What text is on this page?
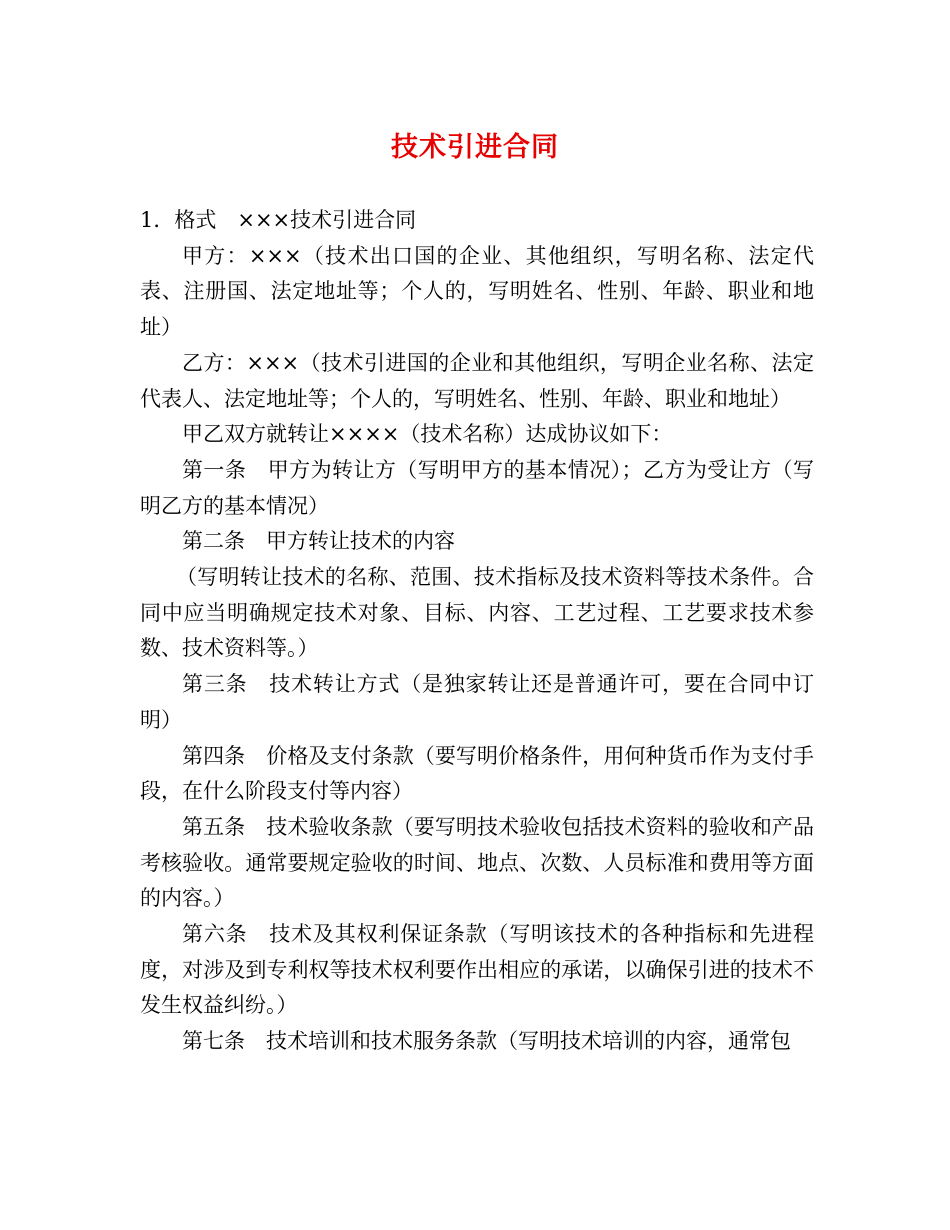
技术引进合同

1．格式　×××技术引进合同

甲方：×××（技术出口国的企业、其他组织，写明名称、法定代表、注册国、法定地址等；个人的，写明姓名、性别、年龄、职业和地址）

乙方：×××（技术引进国的企业和其他组织，写明企业名称、法定代表人、法定地址等；个人的，写明姓名、性别、年龄、职业和地址）

甲乙双方就转让××××（技术名称）达成协议如下：

第一条　甲方为转让方（写明甲方的基本情况）；乙方为受让方（写明乙方的基本情况）

第二条　甲方转让技术的内容

（写明转让技术的名称、范围、技术指标及技术资料等技术条件。合同中应当明确规定技术对象、目标、内容、工艺过程、工艺要求技术参数、技术资料等。）

第三条　技术转让方式（是独家转让还是普通许可，要在合同中订明）

第四条　价格及支付条款（要写明价格条件，用何种货币作为支付手段，在什么阶段支付等内容）

第五条　技术验收条款（要写明技术验收包括技术资料的验收和产品考核验收。通常要规定验收的时间、地点、次数、人员标准和费用等方面的内容。）

第六条　技术及其权利保证条款（写明该技术的各种指标和先进程度，对涉及到专利权等技术权利要作出相应的承诺，以确保引进的技术不发生权益纠纷。）

第七条　技术培训和技术服务条款（写明技术培训的内容，通常包
